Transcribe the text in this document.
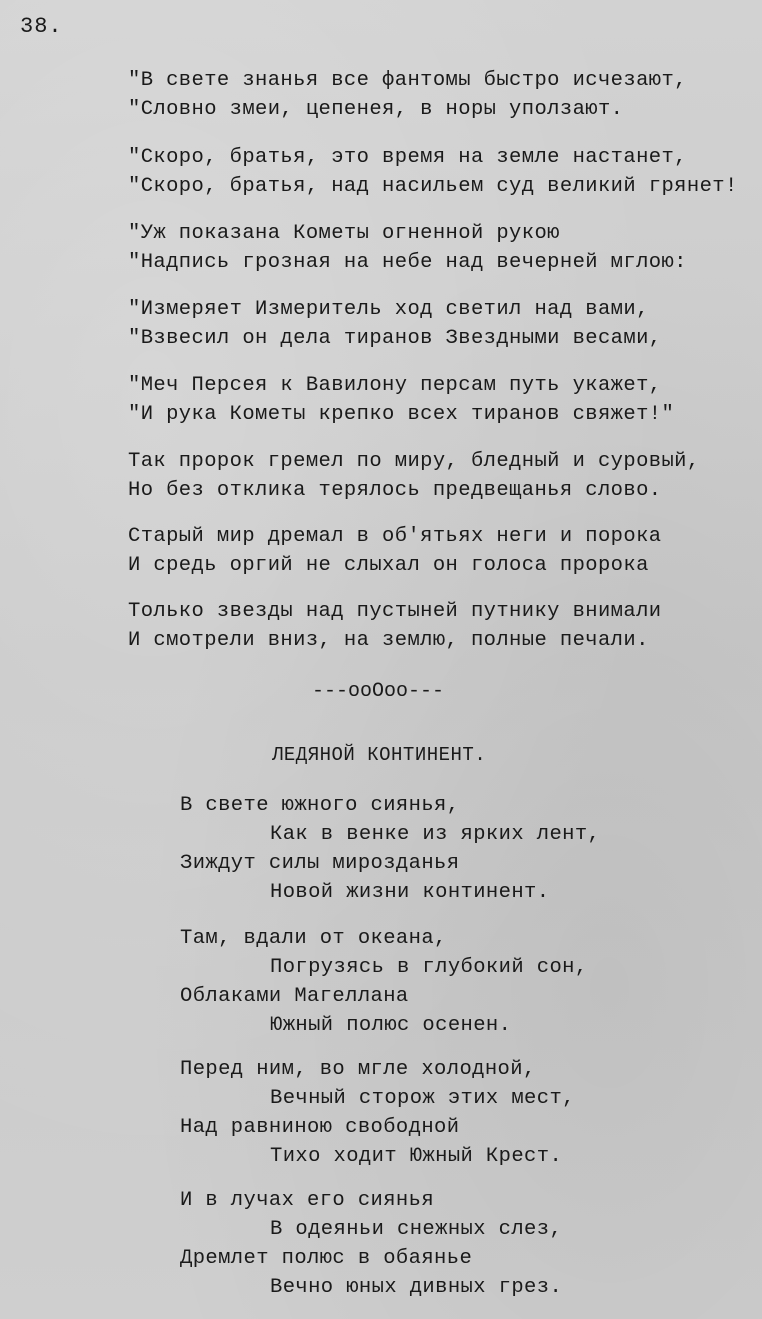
38.
"В свете знанья все фантомы быстро исчезают,
"Словно змеи, цепенея, в норы уползают.
"Скоро, братья, это время на земле настанет,
"Скоро, братья, над насильем суд великий грянет!
"Уж показана Кометы огненной рукою
"Надпись грозная на небе над вечерней мглою:
"Измеряет Измеритель ход светил над вами,
"Взвесил он дела тиранов Звездными весами,
"Меч Персея к Вавилону персам путь укажет,
"И рука Кометы крепко всех тиранов свяжет!"
Так пророк гремел по миру, бледный и суровый,
Но без отклика терялось предвещанья слово.
Старый мир дремал в об'ятьях неги и порока
И средь оргий не слыхал он голоса пророка
Только звезды над пустыней путнику внимали
И смотрели вниз, на землю, полные печали.
---ооОоо---
ЛЕДЯНОЙ КОНТИНЕНТ.
В свете южного сиянья,
Как в венке из ярких лент,
Зиждут силы мирозданья
Новой жизни континент.
Там, вдали от океана,
Погрузясь в глубокий сон,
Облаками Магеллана
Южный полюс осенен.
Перед ним, во мгле холодной,
Вечный сторож этих мест,
Над равниною свободной
Тихо ходит Южный Крест.
И в лучах его сиянья
В одеяньи снежных слез,
Дремлет полюс в обаянье
Вечно юных дивных грез.
